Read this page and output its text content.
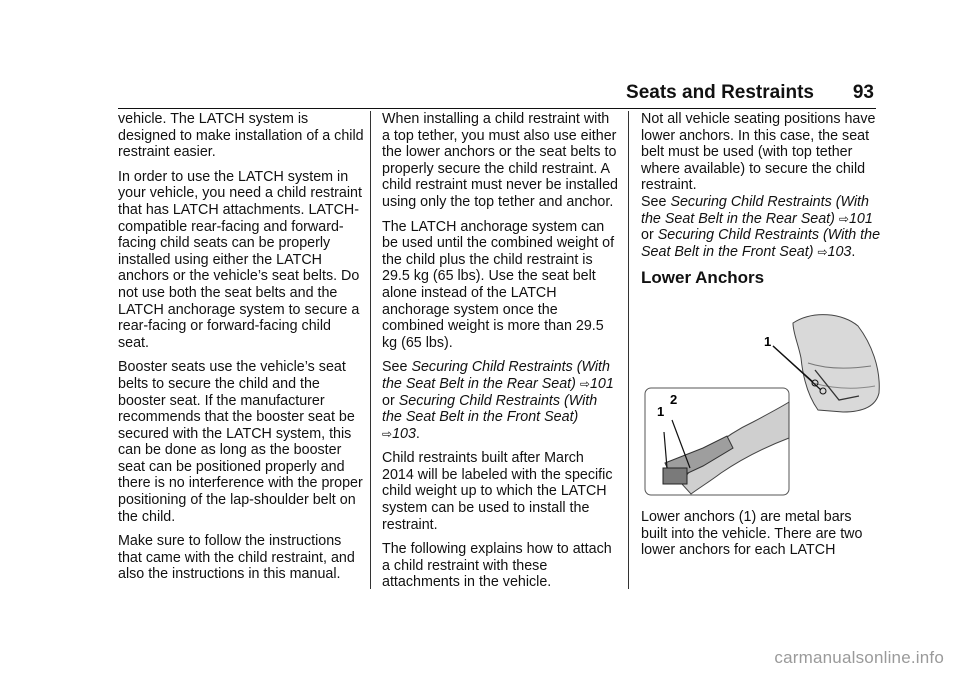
Seats and Restraints 93

vehicle. The LATCH system is designed to make installation of a child restraint easier.

In order to use the LATCH system in your vehicle, you need a child restraint that has LATCH attachments. LATCH-compatible rear-facing and forward-facing child seats can be properly installed using either the LATCH anchors or the vehicle’s seat belts. Do not use both the seat belts and the LATCH anchorage system to secure a rear-facing or forward-facing child seat.

Booster seats use the vehicle’s seat belts to secure the child and the booster seat. If the manufacturer recommends that the booster seat be secured with the LATCH system, this can be done as long as the booster seat can be positioned properly and there is no interference with the proper positioning of the lap-shoulder belt on the child.

Make sure to follow the instructions that came with the child restraint, and also the instructions in this manual.

When installing a child restraint with a top tether, you must also use either the lower anchors or the seat belts to properly secure the child restraint. A child restraint must never be installed using only the top tether and anchor.

The LATCH anchorage system can be used until the combined weight of the child plus the child restraint is 29.5 kg (65 lbs). Use the seat belt alone instead of the LATCH anchorage system once the combined weight is more than 29.5 kg (65 lbs).

See Securing Child Restraints (With the Seat Belt in the Rear Seat) ⇨101 or Securing Child Restraints (With the Seat Belt in the Front Seat) ⇨103.

Child restraints built after March 2014 will be labeled with the specific child weight up to which the LATCH system can be used to install the restraint.

The following explains how to attach a child restraint with these attachments in the vehicle.

Not all vehicle seating positions have lower anchors. In this case, the seat belt must be used (with top tether where available) to secure the child restraint.

See Securing Child Restraints (With the Seat Belt in the Rear Seat) ⇨101 or Securing Child Restraints (With the Seat Belt in the Front Seat) ⇨103.

Lower Anchors
1
2
1

Lower anchors (1) are metal bars built into the vehicle. There are two lower anchors for each LATCH

carmanualsonline.info
